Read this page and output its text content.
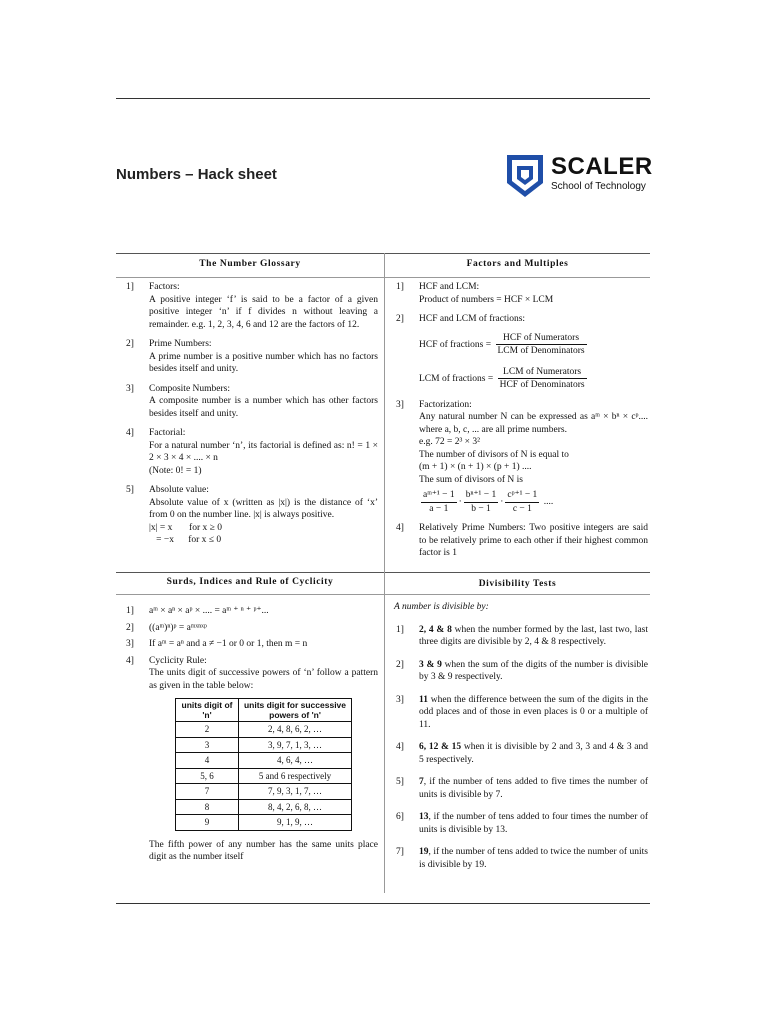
Numbers – Hack sheet	SCALER
School of Technology
The Number Glossary	Factors and Multiples
Surds, Indices and Rule of Cyclicity	Divisibility Tests
1] Factors:
A positive integer ‘f’ is said to be a factor of a given positive integer ‘n’ if f divides n without leaving a remainder. e.g. 1, 2, 3, 4, 6 and 12 are the factors of 12.
2] Prime Numbers:
A prime number is a positive number which has no factors besides itself and unity.
3] Composite Numbers:
A composite number is a number which has other factors besides itself and unity.
4] Factorial:
For a natural number ‘n’, its factorial is defined as: n! = 1 × 2 × 3 × 4 × .... × n
(Note: 0! = 1)
5] Absolute value:
Absolute value of x (written as |x|) is the distance of ‘x’ from 0 on the number line. |x| is always positive.
|x| = x       for x ≥ 0
= −x      for x ≤ 0
1] HCF and LCM:
Product of numbers = HCF × LCM
2] HCF and LCM of fractions:
HCF of fractions = $\frac{\text{HCF of Numerators}}{\text{LCM of Denominators}}$
LCM of fractions = $\frac{\text{LCM of Numerators}}{\text{HCF of Denominators}}$
3] Factorization:
Any natural number N can be expressed as aᵐ × bⁿ × cᵖ.... where a, b, c, ... are all prime numbers.
e.g. 72 = 2³ × 3²
The number of divisors of N is equal to
(m + 1) × (n + 1) × (p + 1) ....
The sum of divisors of N is
$\frac{\text{aᵐ⁺¹ − 1}}{a - 1} \cdot \frac{\text{bⁿ⁺¹ − 1}}{b - 1} \cdot \frac{\text{cᵖ⁺¹ − 1}}{c - 1}$ ....
4] Relatively Prime Numbers: Two positive integers are said to be relatively prime to each other if their highest common factor is 1
1] aᵐ × aⁿ × aᵖ × .... = aᵐ ⁺ ⁿ ⁺ ᵖ⁺...
2] ((aᵐ)ⁿ)ᵖ = aᵐˣⁿˣᵖ
3] If aᵐ = aⁿ and a ≠ −1 or 0 or 1, then m = n
4] Cyclicity Rule:
The units digit of successive powers of ‘n’ follow a pattern as given in the table below:
units digit of 'n'	units digit for successive powers of 'n'
2	2, 4, 8, 6, 2, …
3	3, 9, 7, 1, 3, …
4	4, 6, 4, …
5, 6	5 and 6 respectively
7	7, 9, 3, 1, 7, …
8	8, 4, 2, 6, 8, …
9	9, 1, 9, …
The fifth power of any number has the same units place digit as the number itself
A number is divisible by:
1] 2, 4 & 8 when the number formed by the last, last two, last three digits are divisible by 2, 4 & 8 respectively.
2] 3 & 9 when the sum of the digits of the number is divisible by 3 & 9 respectively.
3] 11 when the difference between the sum of the digits in the odd places and of those in even places is 0 or a multiple of 11.
4] 6, 12 & 15 when it is divisible by 2 and 3, 3 and 4 & 3 and 5 respectively.
5] 7, if the number of tens added to five times the number of units is divisible by 7.
6] 13, if the number of tens added to four times the number of units is divisible by 13.
7] 19, if the number of tens added to twice the number of units is divisible by 19.
